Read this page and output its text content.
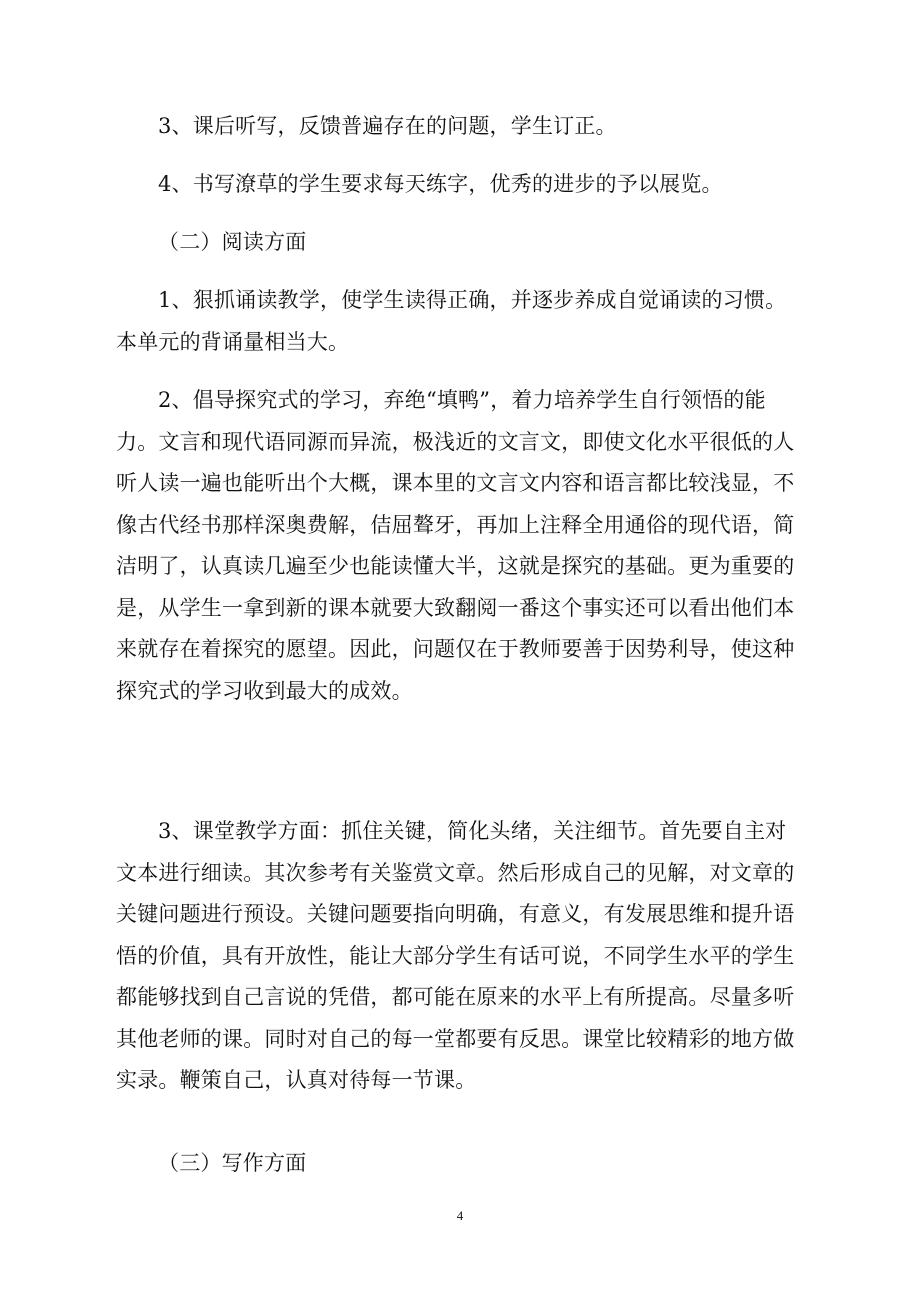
3、课后听写，反馈普遍存在的问题，学生订正。

4、书写潦草的学生要求每天练字，优秀的进步的予以展览。

（二）阅读方面

1、狠抓诵读教学，使学生读得正确，并逐步养成自觉诵读的习惯。本单元的背诵量相当大。

2、倡导探究式的学习，弃绝“填鸭”，着力培养学生自行领悟的能力。文言和现代语同源而异流，极浅近的文言文，即使文化水平很低的人听人读一遍也能听出个大概，课本里的文言文内容和语言都比较浅显，不像古代经书那样深奥费解，佶屈聱牙，再加上注释全用通俗的现代语，简洁明了，认真读几遍至少也能读懂大半，这就是探究的基础。更为重要的是，从学生一拿到新的课本就要大致翻阅一番这个事实还可以看出他们本来就存在着探究的愿望。因此，问题仅在于教师要善于因势利导，使这种探究式的学习收到最大的成效。

3、课堂教学方面：抓住关键，简化头绪，关注细节。首先要自主对文本进行细读。其次参考有关鉴赏文章。然后形成自己的见解，对文章的关键问题进行预设。关键问题要指向明确，有意义，有发展思维和提升语悟的价值，具有开放性，能让大部分学生有话可说，不同学生水平的学生都能够找到自己言说的凭借，都可能在原来的水平上有所提高。尽量多听其他老师的课。同时对自己的每一堂都要有反思。课堂比较精彩的地方做实录。鞭策自己，认真对待每一节课。

（三）写作方面

4
